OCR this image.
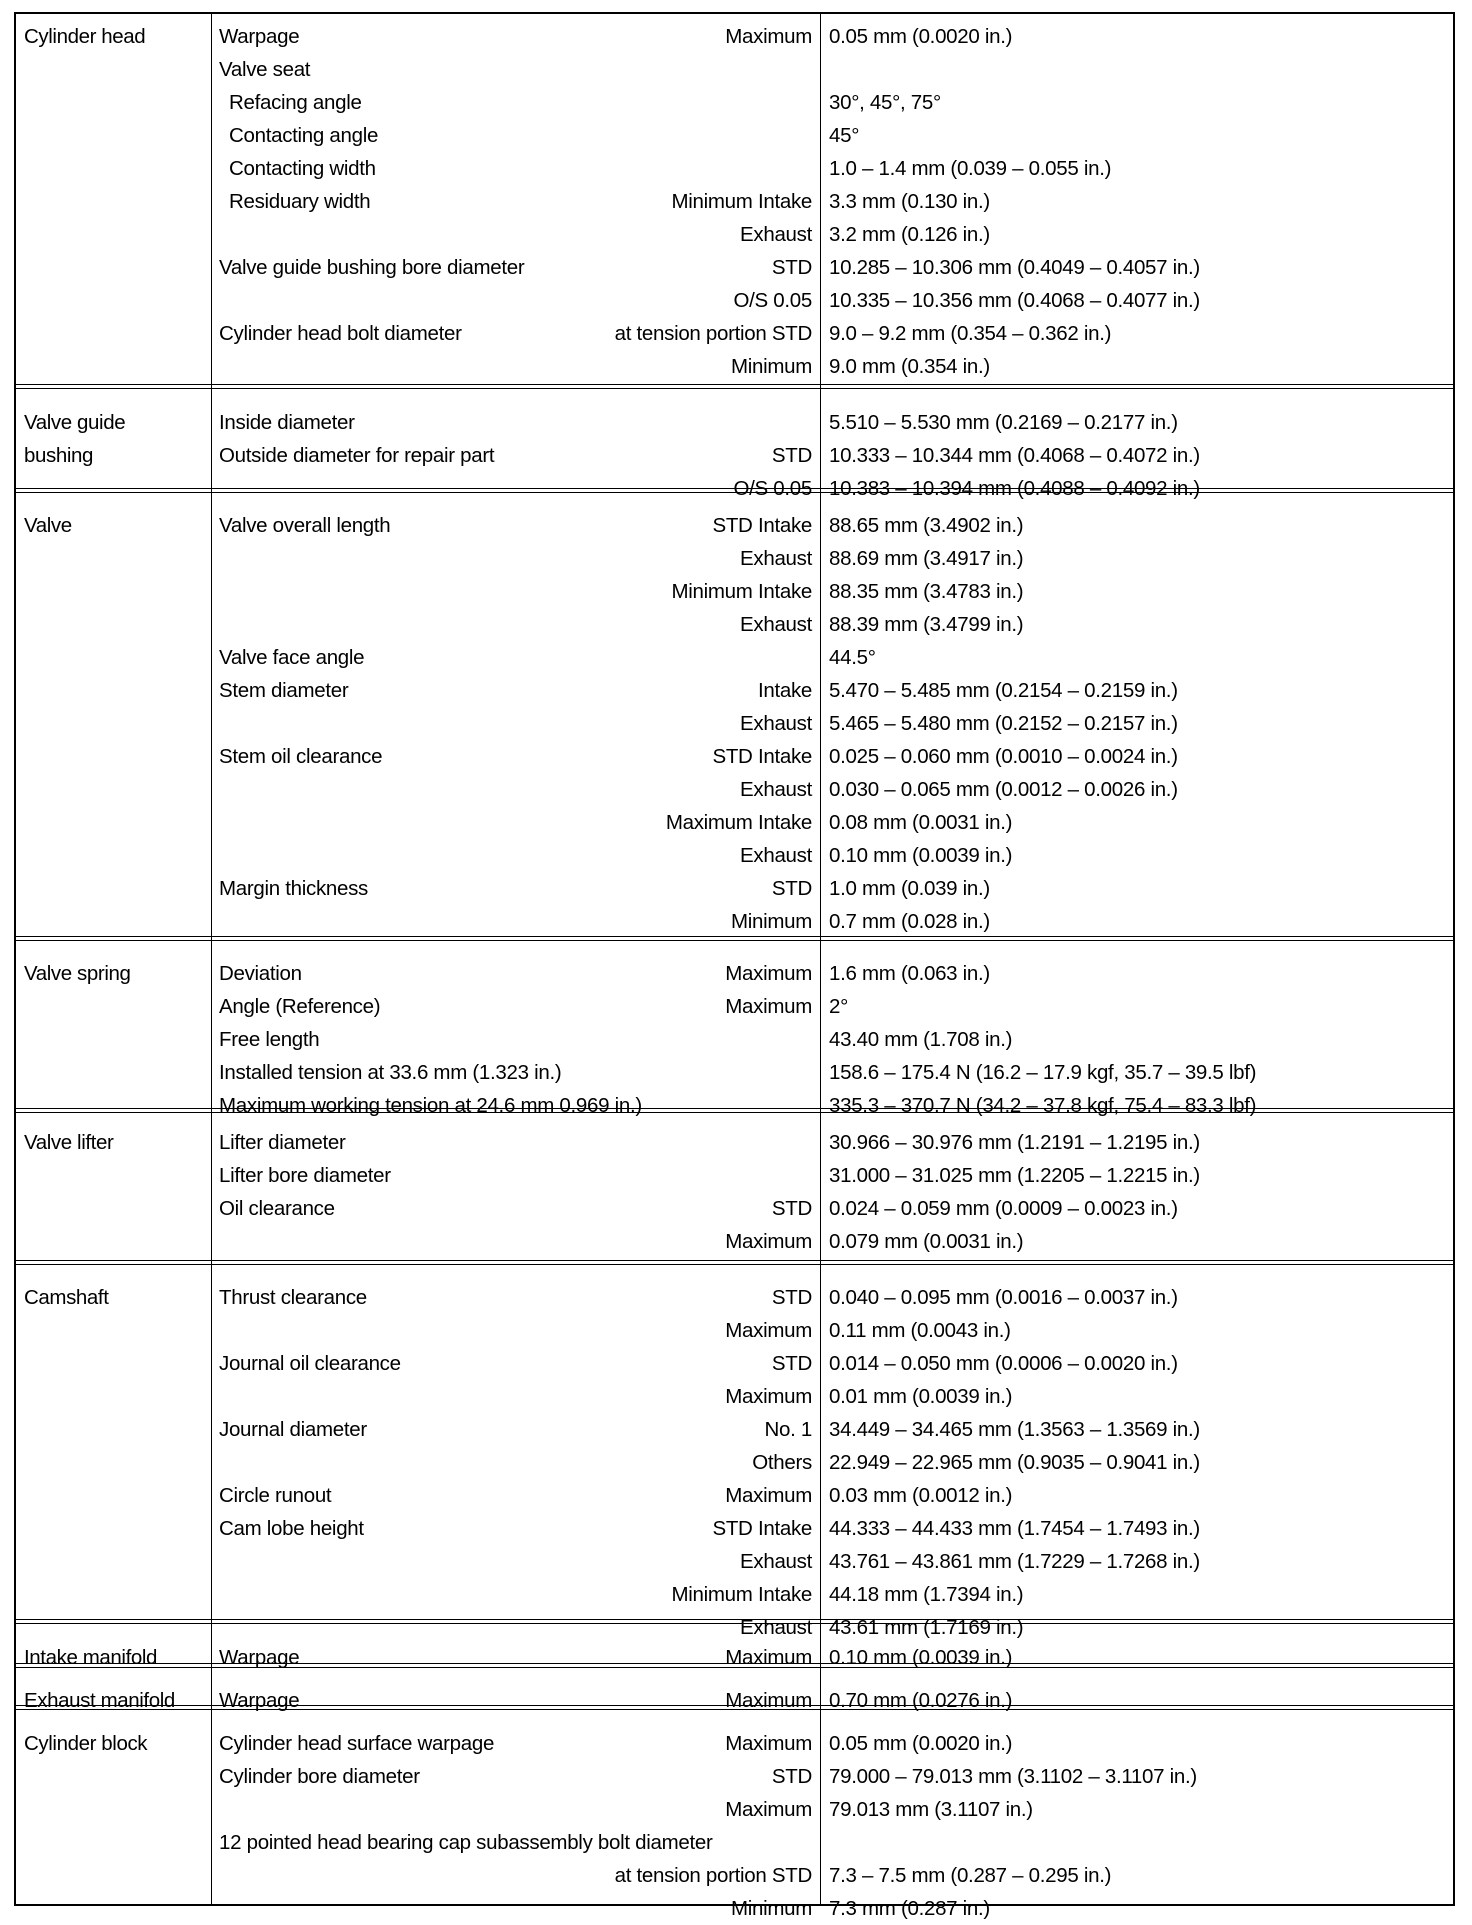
Cylinder head	Warpage	Maximum 0.05 mm (0.0020 in.)
Valve seat
Refacing angle	30°, 45°, 75°
Contacting angle	45°
Contacting width	1.0 – 1.4 mm (0.039 – 0.055 in.)
Residuary width	Minimum Intake 3.3 mm (0.130 in.)
Exhaust 3.2 mm (0.126 in.)
Valve guide bushing bore diameter	STD 10.285 – 10.306 mm (0.4049 – 0.4057 in.)
O/S 0.05 10.335 – 10.356 mm (0.4068 – 0.4077 in.)
Cylinder head bolt diameter	at tension portion STD 9.0 – 9.2 mm (0.354 – 0.362 in.)
Minimum 9.0 mm (0.354 in.)
Valve guide
bushing
Inside diameter	5.510 – 5.530 mm (0.2169 – 0.2177 in.)
Outside diameter for repair part	STD 10.333 – 10.344 mm (0.4068 – 0.4072 in.)
O/S 0.05 10.383 – 10.394 mm (0.4088 – 0.4092 in.)
Valve	Valve overall length	STD Intake 88.65 mm (3.4902 in.)
Exhaust 88.69 mm (3.4917 in.)
Minimum Intake 88.35 mm (3.4783 in.)
Exhaust 88.39 mm (3.4799 in.)
Valve face angle	44.5°
Stem diameter	Intake 5.470 – 5.485 mm (0.2154 – 0.2159 in.)
Exhaust 5.465 – 5.480 mm (0.2152 – 0.2157 in.)
Stem oil clearance	STD Intake 0.025 – 0.060 mm (0.0010 – 0.0024 in.)
Exhaust 0.030 – 0.065 mm (0.0012 – 0.0026 in.)
Maximum Intake 0.08 mm (0.0031 in.)
Exhaust 0.10 mm (0.0039 in.)
Margin thickness	STD 1.0 mm (0.039 in.)
Minimum 0.7 mm (0.028 in.)
Valve spring	Deviation	Maximum 1.6 mm (0.063 in.)
Angle (Reference)	Maximum 2°
Free length	43.40 mm (1.708 in.)
Installed tension at 33.6 mm (1.323 in.)	158.6 – 175.4 N (16.2 – 17.9 kgf, 35.7 – 39.5 lbf)
Maximum working tension at 24.6 mm 0.969 in.)	335.3 – 370.7 N (34.2 – 37.8 kgf, 75.4 – 83.3 lbf)
Valve lifter	Lifter diameter	30.966 – 30.976 mm (1.2191 – 1.2195 in.)
Lifter bore diameter	31.000 – 31.025 mm (1.2205 – 1.2215 in.)
Oil clearance	STD 0.024 – 0.059 mm (0.0009 – 0.0023 in.)
Maximum 0.079 mm (0.0031 in.)
Camshaft	Thrust clearance	STD 0.040 – 0.095 mm (0.0016 – 0.0037 in.)
Maximum 0.11 mm (0.0043 in.)
Journal oil clearance	STD 0.014 – 0.050 mm (0.0006 – 0.0020 in.)
Maximum 0.01 mm (0.0039 in.)
Journal diameter	No. 1 34.449 – 34.465 mm (1.3563 – 1.3569 in.)
Others 22.949 – 22.965 mm (0.9035 – 0.9041 in.)
Circle runout	Maximum 0.03 mm (0.0012 in.)
Cam lobe height	STD Intake 44.333 – 44.433 mm (1.7454 – 1.7493 in.)
Exhaust 43.761 – 43.861 mm (1.7229 – 1.7268 in.)
Minimum Intake 44.18 mm (1.7394 in.)
Exhaust 43.61 mm (1.7169 in.)
Intake manifold	Warpage	Maximum 0.10 mm (0.0039 in.)
Exhaust manifold Warpage	Maximum 0.70 mm (0.0276 in.)
Cylinder block	Cylinder head surface warpage	Maximum 0.05 mm (0.0020 in.)
Cylinder bore diameter	STD 79.000 – 79.013 mm (3.1102 – 3.1107 in.)
Maximum 79.013 mm (3.1107 in.)
12 pointed head bearing cap subassembly bolt diameter
at tension portion STD 7.3 – 7.5 mm (0.287 – 0.295 in.)
Minimum 7.3 mm (0.287 in.)
